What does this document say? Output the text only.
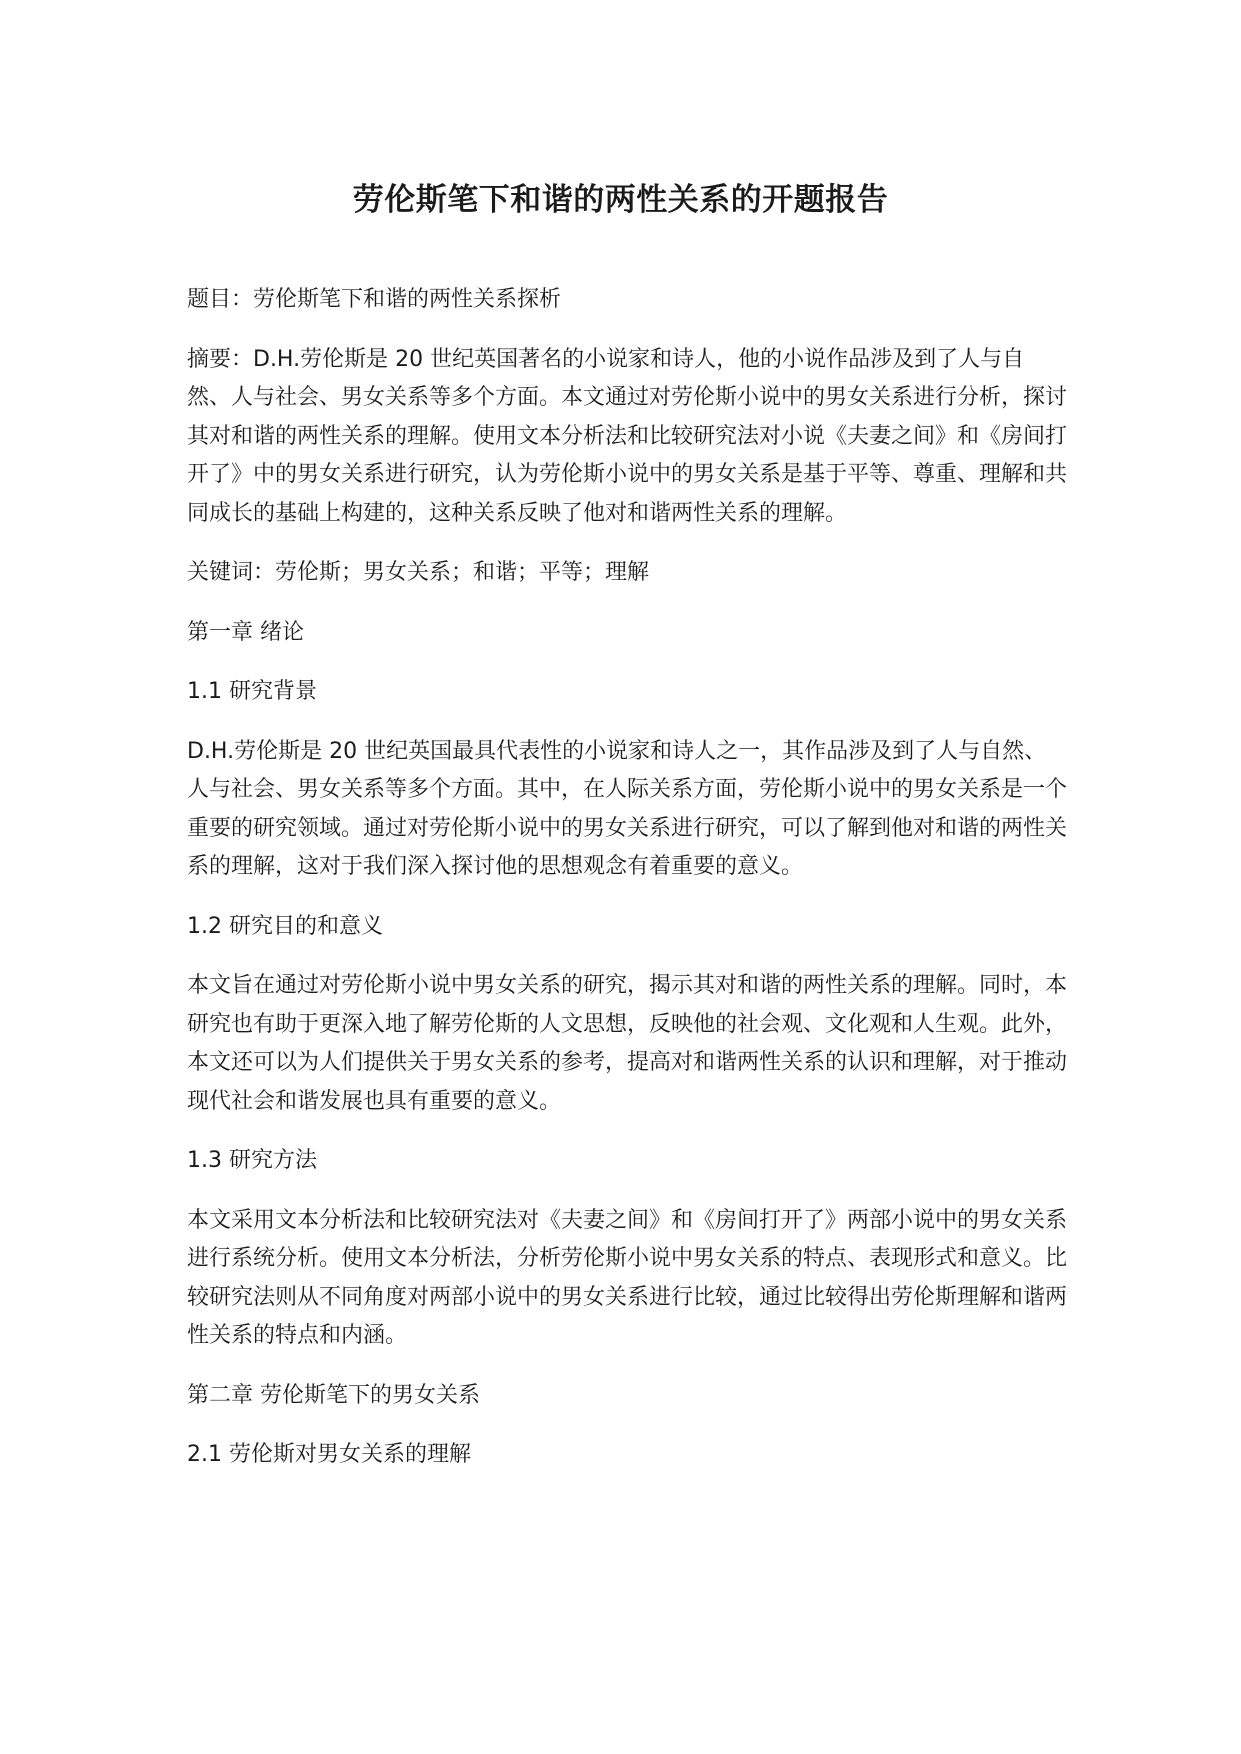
劳伦斯笔下和谐的两性关系的开题报告

题目：劳伦斯笔下和谐的两性关系探析

摘要：D.H.劳伦斯是 20 世纪英国著名的小说家和诗人，他的小说作品涉及到了人与自然、人与社会、男女关系等多个方面。本文通过对劳伦斯小说中的男女关系进行分析，探讨其对和谐的两性关系的理解。使用文本分析法和比较研究法对小说《夫妻之间》和《房间打开了》中的男女关系进行研究，认为劳伦斯小说中的男女关系是基于平等、尊重、理解和共同成长的基础上构建的，这种关系反映了他对和谐两性关系的理解。

关键词：劳伦斯；男女关系；和谐；平等；理解

第一章 绪论

1.1 研究背景

D.H.劳伦斯是 20 世纪英国最具代表性的小说家和诗人之一，其作品涉及到了人与自然、人与社会、男女关系等多个方面。其中，在人际关系方面，劳伦斯小说中的男女关系是一个重要的研究领域。通过对劳伦斯小说中的男女关系进行研究，可以了解到他对和谐的两性关系的理解，这对于我们深入探讨他的思想观念有着重要的意义。

1.2 研究目的和意义

本文旨在通过对劳伦斯小说中男女关系的研究，揭示其对和谐的两性关系的理解。同时，本研究也有助于更深入地了解劳伦斯的人文思想，反映他的社会观、文化观和人生观。此外，本文还可以为人们提供关于男女关系的参考，提高对和谐两性关系的认识和理解，对于推动现代社会和谐发展也具有重要的意义。

1.3 研究方法

本文采用文本分析法和比较研究法对《夫妻之间》和《房间打开了》两部小说中的男女关系进行系统分析。使用文本分析法，分析劳伦斯小说中男女关系的特点、表现形式和意义。比较研究法则从不同角度对两部小说中的男女关系进行比较，通过比较得出劳伦斯理解和谐两性关系的特点和内涵。

第二章 劳伦斯笔下的男女关系

2.1 劳伦斯对男女关系的理解
